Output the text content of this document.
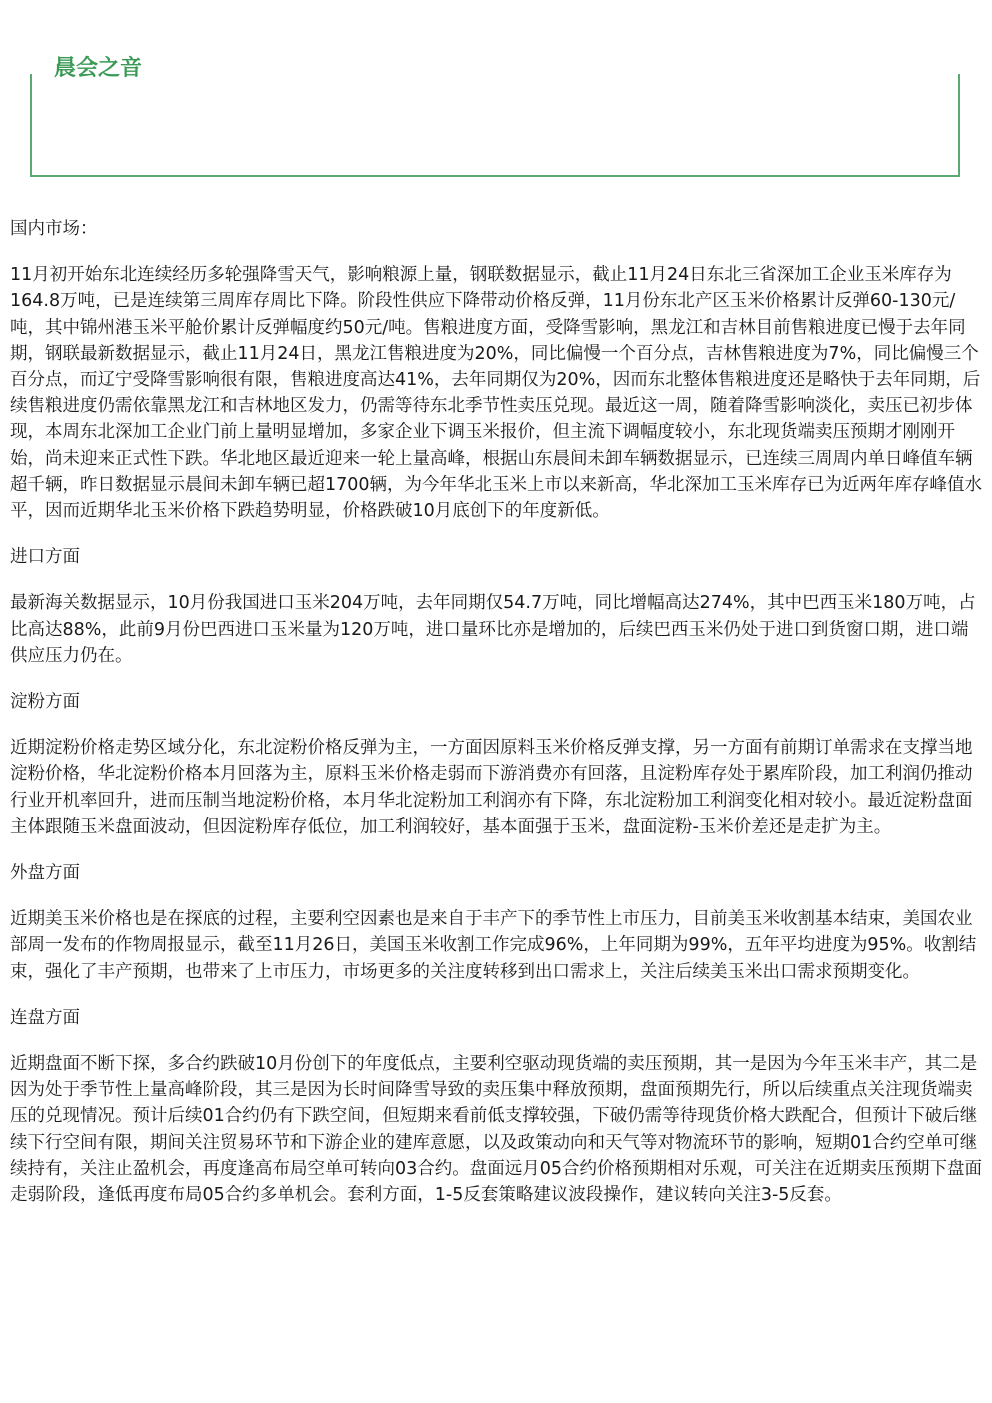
晨会之音

国内市场：

11月初开始东北连续经历多轮强降雪天气，影响粮源上量，钢联数据显示，截止11月24日东北三省深加工企业玉米库存为164.8万吨，已是连续第三周库存周比下降。阶段性供应下降带动价格反弹，11月份东北产区玉米价格累计反弹60-130元/吨，其中锦州港玉米平舱价累计反弹幅度约50元/吨。售粮进度方面，受降雪影响，黑龙江和吉林目前售粮进度已慢于去年同期，钢联最新数据显示，截止11月24日，黑龙江售粮进度为20%，同比偏慢一个百分点，吉林售粮进度为7%，同比偏慢三个百分点，而辽宁受降雪影响很有限，售粮进度高达41%，去年同期仅为20%，因而东北整体售粮进度还是略快于去年同期，后续售粮进度仍需依靠黑龙江和吉林地区发力，仍需等待东北季节性卖压兑现。最近这一周，随着降雪影响淡化，卖压已初步体现，本周东北深加工企业门前上量明显增加，多家企业下调玉米报价，但主流下调幅度较小，东北现货端卖压预期才刚刚开始，尚未迎来正式性下跌。华北地区最近迎来一轮上量高峰，根据山东晨间未卸车辆数据显示，已连续三周周内单日峰值车辆超千辆，昨日数据显示晨间未卸车辆已超1700辆，为今年华北玉米上市以来新高，华北深加工玉米库存已为近两年库存峰值水平，因而近期华北玉米价格下跌趋势明显，价格跌破10月底创下的年度新低。

进口方面

最新海关数据显示，10月份我国进口玉米204万吨，去年同期仅54.7万吨，同比增幅高达274%，其中巴西玉米180万吨，占比高达88%，此前9月份巴西进口玉米量为120万吨，进口量环比亦是增加的，后续巴西玉米仍处于进口到货窗口期，进口端供应压力仍在。

淀粉方面

近期淀粉价格走势区域分化，东北淀粉价格反弹为主，一方面因原料玉米价格反弹支撑，另一方面有前期订单需求在支撑当地淀粉价格，华北淀粉价格本月回落为主，原料玉米价格走弱而下游消费亦有回落，且淀粉库存处于累库阶段，加工利润仍推动行业开机率回升，进而压制当地淀粉价格，本月华北淀粉加工利润亦有下降，东北淀粉加工利润变化相对较小。最近淀粉盘面主体跟随玉米盘面波动，但因淀粉库存低位，加工利润较好，基本面强于玉米，盘面淀粉-玉米价差还是走扩为主。

外盘方面

近期美玉米价格也是在探底的过程，主要利空因素也是来自于丰产下的季节性上市压力，目前美玉米收割基本结束，美国农业部周一发布的作物周报显示，截至11月26日，美国玉米收割工作完成96%，上年同期为99%，五年平均进度为95%。收割结束，强化了丰产预期，也带来了上市压力，市场更多的关注度转移到出口需求上，关注后续美玉米出口需求预期变化。

连盘方面

近期盘面不断下探，多合约跌破10月份创下的年度低点，主要利空驱动现货端的卖压预期，其一是因为今年玉米丰产，其二是因为处于季节性上量高峰阶段，其三是因为长时间降雪导致的卖压集中释放预期，盘面预期先行，所以后续重点关注现货端卖压的兑现情况。预计后续01合约仍有下跌空间，但短期来看前低支撑较强，下破仍需等待现货价格大跌配合，但预计下破后继续下行空间有限，期间关注贸易环节和下游企业的建库意愿，以及政策动向和天气等对物流环节的影响，短期01合约空单可继续持有，关注止盈机会，再度逢高布局空单可转向03合约。盘面远月05合约价格预期相对乐观，可关注在近期卖压预期下盘面走弱阶段，逢低再度布局05合约多单机会。套利方面，1-5反套策略建议波段操作，建议转向关注3-5反套。
